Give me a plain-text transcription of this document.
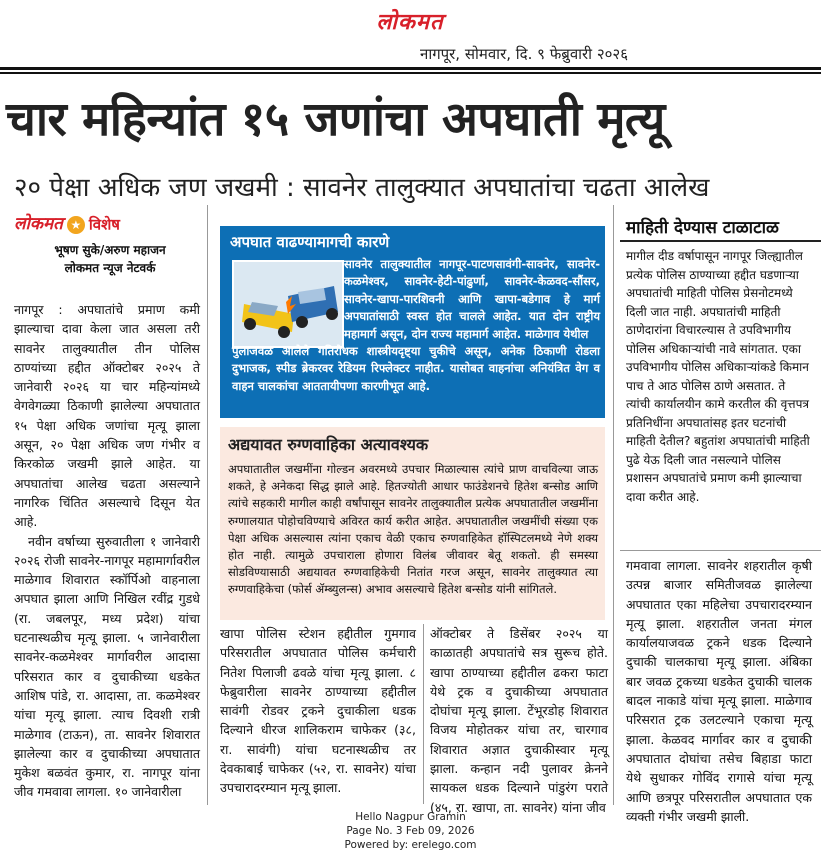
लोकमत
नागपूर, सोमवार, दि. ९ फेब्रुवारी २०२६
चार महिन्यांत १५ जणांचा अपघाती मृत्यू
२० पेक्षा अधिक जण जखमी : सावनेर तालुक्यात अपघातांचा चढता आलेख
लोकमत ★ विशेष
भूषण सुके/अरुण महाजन
लोकमत न्यूज नेटवर्क

नागपूर : अपघातांचे प्रमाण कमी झाल्याचा दावा केला जात असला तरी सावनेर तालुक्यातील तीन पोलिस ठाण्यांच्या हद्दीत ऑक्टोबर २०२५ ते जानेवारी २०२६ या चार महिन्यांमध्ये वेगवेगळ्या ठिकाणी झालेल्या अपघातात १५ पेक्षा अधिक जणांचा मृत्यू झाला असून, २० पेक्षा अधिक जण गंभीर व किरकोळ जखमी झाले आहेत. या अपघातांचा आलेख चढता असल्याने नागरिक चिंतित असल्याचे दिसून येत आहे.

नवीन वर्षाच्या सुरुवातीला १ जानेवारी २०२६ रोजी सावनेर-नागपूर महामार्गावरील माळेगाव शिवारात स्कॉर्पिओ वाहनाला अपघात झाला आणि निखिल रवींद्र गुडधे (रा. जबलपूर, मध्य प्रदेश) यांचा घटनास्थळीच मृत्यू झाला. ५ जानेवारीला सावनेर-कळमेश्वर मार्गावरील आदासा परिसरात कार व दुचाकीच्या धडकेत आशिष पांडे, रा. आदासा, ता. कळमेश्वर यांचा मृत्यू झाला. त्याच दिवशी रात्री माळेगाव (टाऊन), ता. सावनेर शिवारात झालेल्या कार व दुचाकीच्या अपघातात मुकेश बळवंत कुमार, रा. नागपूर यांना जीव गमवावा लागला. १० जानेवारीला

अपघात वाढण्यामागची कारणे
सावनेर तालुक्यातील नागपूर-पाटणसावंगी-सावनेर, सावनेर-कळमेश्वर, सावनेर-हेटी-पांढुर्णा, सावनेर-केळवद-सौंसर, सावनेर-खापा-पारशिवनी आणि खापा-बडेगाव हे मार्ग अपघातांसाठी स्वस्त होत चालले आहेत. यात दोन राष्ट्रीय महामार्ग असून, दोन राज्य महामार्ग आहेत. माळेगाव येथील
पुलाजवळ आलेले गतिरोधक शास्त्रीयदृष्ट्या चुकीचे असून, अनेक ठिकाणी रोडला दुभाजक, स्पीड ब्रेकरवर रेडियम रिफ्लेक्टर नाहीत. यासोबत वाहनांचा अनियंत्रित वेग व वाहन चालकांचा आततायीपणा कारणीभूत आहे.
अद्ययावत रुग्णवाहिका अत्यावश्यक
अपघातातील जखमींना गोल्डन अवरमध्ये उपचार मिळाल्यास त्यांचे प्राण वाचविल्या जाऊ शकते, हे अनेकदा सिद्ध झाले आहे. हितज्योती आधार फाउंडेशनचे हितेश बन्सोड आणि त्यांचे सहकारी मागील काही वर्षांपासून सावनेर तालुक्यातील प्रत्येक अपघातातील जखमींना रुग्णालयात पोहोचविण्याचे अविरत कार्य करीत आहेत. अपघातातील जखमींची संख्या एक पेक्षा अधिक असल्यास त्यांना एकाच वेळी एकाच रुग्णवाहिकेत हॉस्पिटलमध्ये नेणे शक्य होत नाही. त्यामुळे उपचाराला होणारा विलंब जीवावर बेतू शकतो. ही समस्या सोडविण्यासाठी अद्ययावत रुग्णवाहिकेची नितांत गरज असून, सावनेर तालुक्यात त्या रुग्णवाहिकेचा (फोर्स ॲम्ब्युलन्स) अभाव असल्याचे हितेश बन्सोड यांनी सांगितले.
खापा पोलिस स्टेशन हद्दीतील गुमगाव परिसरातील अपघातात पोलिस कर्मचारी नितेश पिलाजी ढवळे यांचा मृत्यू झाला. ८ फेब्रुवारीला सावनेर ठाण्याच्या हद्दीतील सावंगी रोडवर ट्रकने दुचाकीला धडक दिल्याने धीरज शालिकराम चाफेकर (३८, रा. सावंगी) यांचा घटनास्थळीच तर देवकाबाई चाफेकर (५२, रा. सावनेर) यांचा उपचारादरम्यान मृत्यू झाला.
ऑक्टोबर ते डिसेंबर २०२५ या काळातही अपघातांचे सत्र सुरूच होते. खापा ठाण्याच्या हद्दीतील ढकरा फाटा येथे ट्रक व दुचाकीच्या अपघातात दोघांचा मृत्यू झाला. टेंभूरडोह शिवारात विजय मोहोतकर यांचा तर, चारगाव शिवारात अज्ञात दुचाकीस्वार मृत्यू झाला. कन्हान नदी पुलावर क्रेनने सायकल धडक दिल्याने पांडुरंग पराते (४५, रा. खापा, ता. सावनेर) यांना जीव
माहिती देण्यास टाळाटाळ
मागील दीड वर्षापासून नागपूर जिल्ह्यातील प्रत्येक पोलिस ठाण्याच्या हद्दीत घडणाऱ्या अपघातांची माहिती पोलिस प्रेसनोटमध्ये दिली जात नाही. अपघातांची माहिती ठाणेदारांना विचारल्यास ते उपविभागीय पोलिस अधिकाऱ्यांची नावे सांगतात. एका उपविभागीय पोलिस अधिकाऱ्यांकडे किमान पाच ते आठ पोलिस ठाणे असतात. ते त्यांची कार्यालयीन कामे करतील की वृत्तपत्र प्रतिनिधींना अपघातांसह इतर घटनांची माहिती देतील? बहुतांश अपघातांची माहिती पुढे येऊ दिली जात नसल्याने पोलिस प्रशासन अपघातांचे प्रमाण कमी झाल्याचा दावा करीत आहे.
गमवावा लागला. सावनेर शहरातील कृषी उत्पन्न बाजार समितीजवळ झालेल्या अपघातात एका महिलेचा उपचारादरम्यान मृत्यू झाला. शहरातील जनता मंगल कार्यालयाजवळ ट्रकने धडक दिल्याने दुचाकी चालकाचा मृत्यू झाला. अंबिका बार जवळ ट्रकच्या धडकेत दुचाकी चालक बादल नाकाडे यांचा मृत्यू झाला. माळेगाव परिसरात ट्रक उलटल्याने एकाचा मृत्यू झाला. केळवद मार्गावर कार व दुचाकी अपघातात दोघांचा तसेच बिहाडा फाटा येथे सुधाकर गोविंद रागासे यांचा मृत्यू आणि छत्रपूर परिसरातील अपघातात एक व्यक्ती गंभीर जखमी झाली.
Hello Nagpur Gramin
Page No. 3 Feb 09, 2026
Powered by: erelego.com
